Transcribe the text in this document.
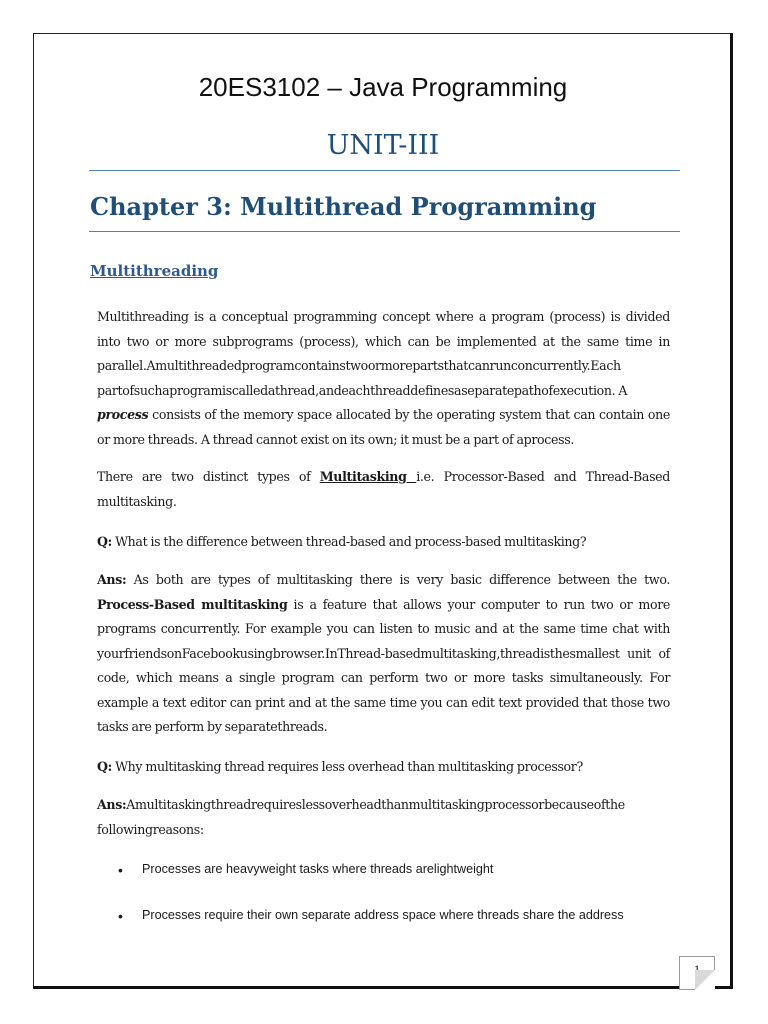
20ES3102 – Java Programming
UNIT-III
Chapter 3: Multithread Programming
Multithreading

Multithreading is a conceptual programming concept where a program (process) is divided into two or more subprograms (process), which can be implemented at the same time in parallel.Amultithreadedprogramcontainstwoormorepartsthatcanrunconcurrently.Each partofsuchaprogramiscalledathread,andeachthreaddefinesaseparatepathofexecution. A
process consists of the memory space allocated by the operating system that can contain one or more threads. A thread cannot exist on its own; it must be a part of aprocess.

There are two distinct types of Multitasking i.e. Processor-Based and Thread-Based multitasking.

Q: What is the difference between thread-based and process-based multitasking?

Ans: As both are types of multitasking there is very basic difference between the two. Process-Based multitasking is a feature that allows your computer to run two or more programs concurrently. For example you can listen to music and at the same time chat with yourfriendsonFacebookusingbrowser.InThread-basedmultitasking,threadisthesmallest unit of code, which means a single program can perform two or more tasks simultaneously. For example a text editor can print and at the same time you can edit text provided that those two tasks are perform by separatethreads.

Q: Why multitasking thread requires less overhead than multitasking processor?

Ans:Amultitaskingthreadrequireslessoverheadthanmultitaskingprocessorbecauseofthe followingreasons:

• Processes are heavyweight tasks where threads arelightweight
• Processes require their own separate address space where threads share the address
1
